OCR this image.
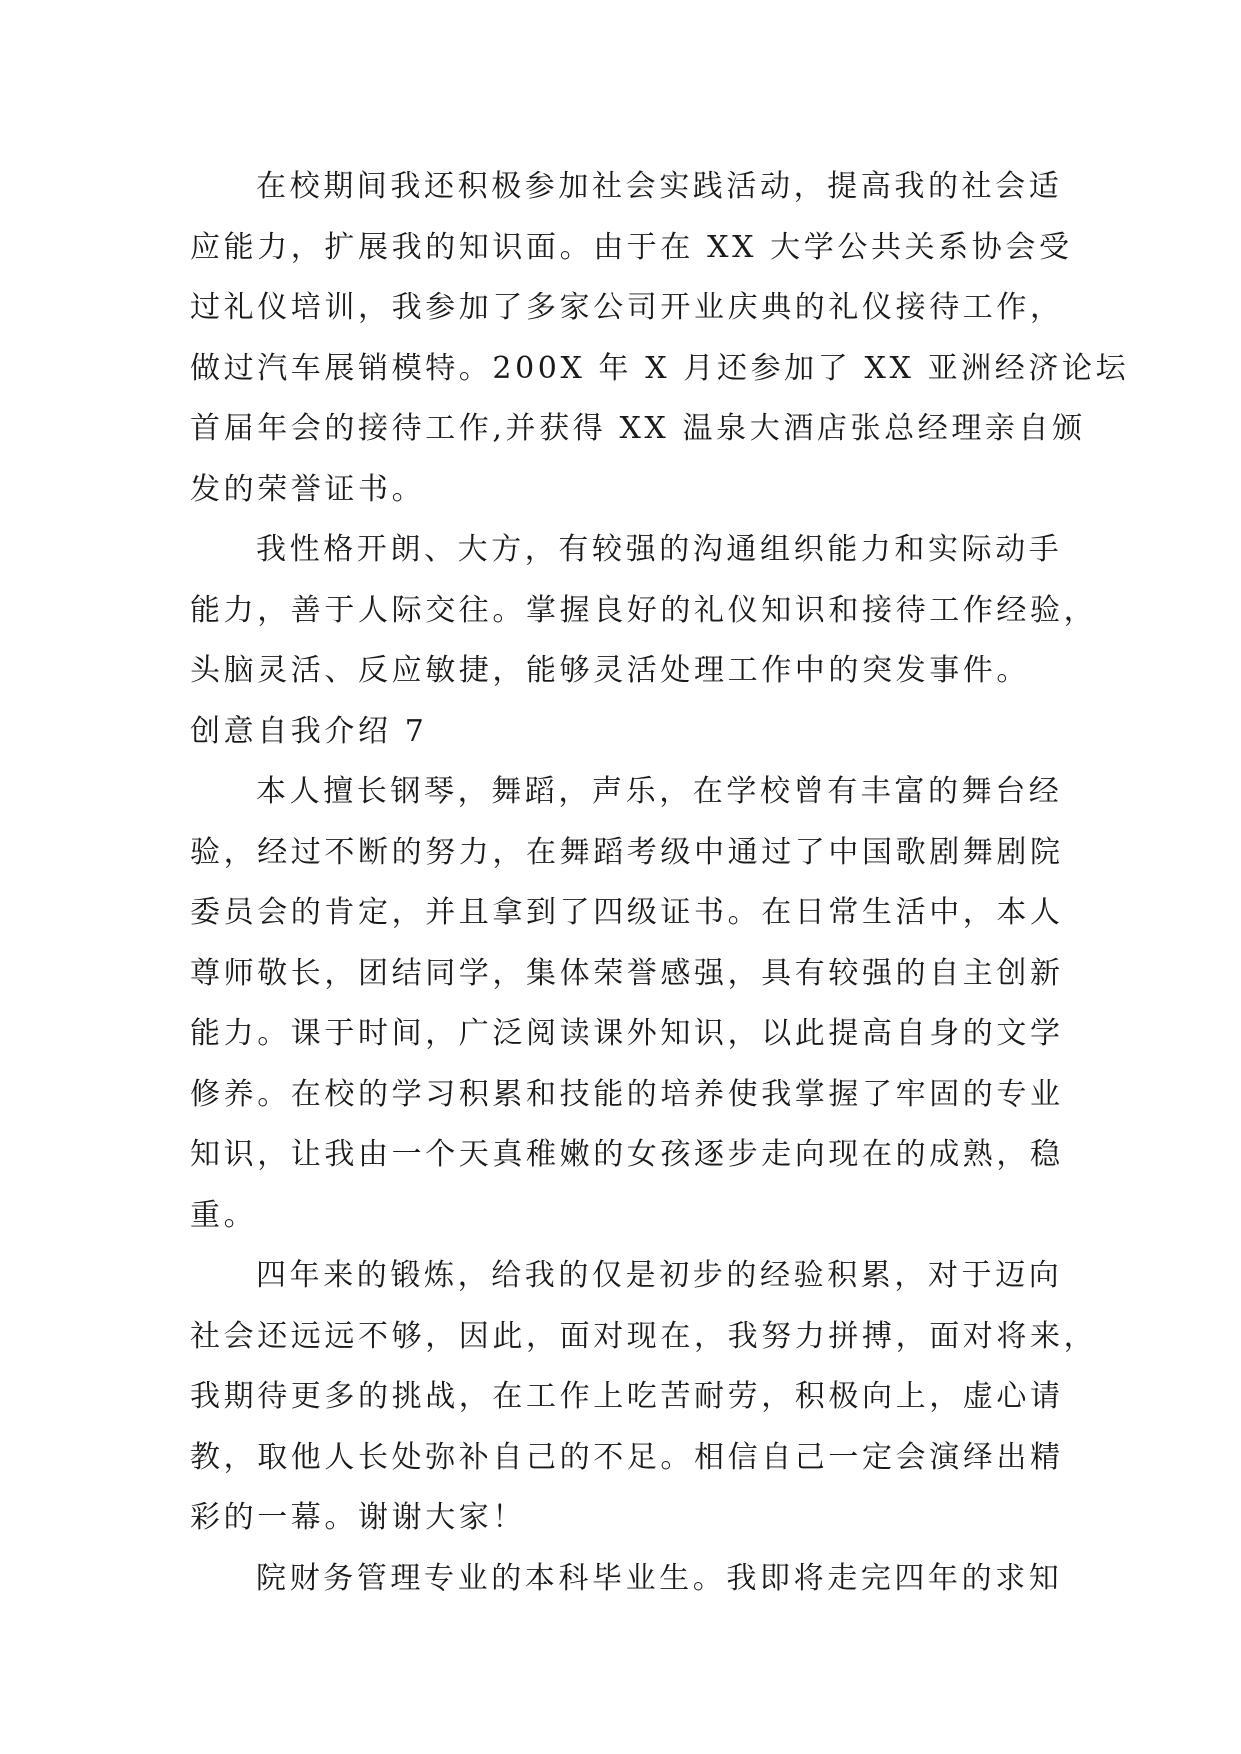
在校期间我还积极参加社会实践活动，提高我的社会适
应能力，扩展我的知识面。由于在 XX 大学公共关系协会受
过礼仪培训，我参加了多家公司开业庆典的礼仪接待工作，
做过汽车展销模特。200X 年 X 月还参加了 XX 亚洲经济论坛
首届年会的接待工作,并获得 XX 温泉大酒店张总经理亲自颁
发的荣誉证书。

我性格开朗、大方，有较强的沟通组织能力和实际动手
能力，善于人际交往。掌握良好的礼仪知识和接待工作经验，
头脑灵活、反应敏捷，能够灵活处理工作中的突发事件。

创意自我介绍 7

本人擅长钢琴，舞蹈，声乐，在学校曾有丰富的舞台经
验，经过不断的努力，在舞蹈考级中通过了中国歌剧舞剧院
委员会的肯定，并且拿到了四级证书。在日常生活中，本人
尊师敬长，团结同学，集体荣誉感强，具有较强的自主创新
能力。课于时间，广泛阅读课外知识，以此提高自身的文学
修养。在校的学习积累和技能的培养使我掌握了牢固的专业
知识，让我由一个天真稚嫩的女孩逐步走向现在的成熟，稳
重。

四年来的锻炼，给我的仅是初步的经验积累，对于迈向
社会还远远不够，因此，面对现在，我努力拼搏，面对将来，
我期待更多的挑战，在工作上吃苦耐劳，积极向上，虚心请
教，取他人长处弥补自己的不足。相信自己一定会演绎出精
彩的一幕。谢谢大家！

院财务管理专业的本科毕业生。我即将走完四年的求知
